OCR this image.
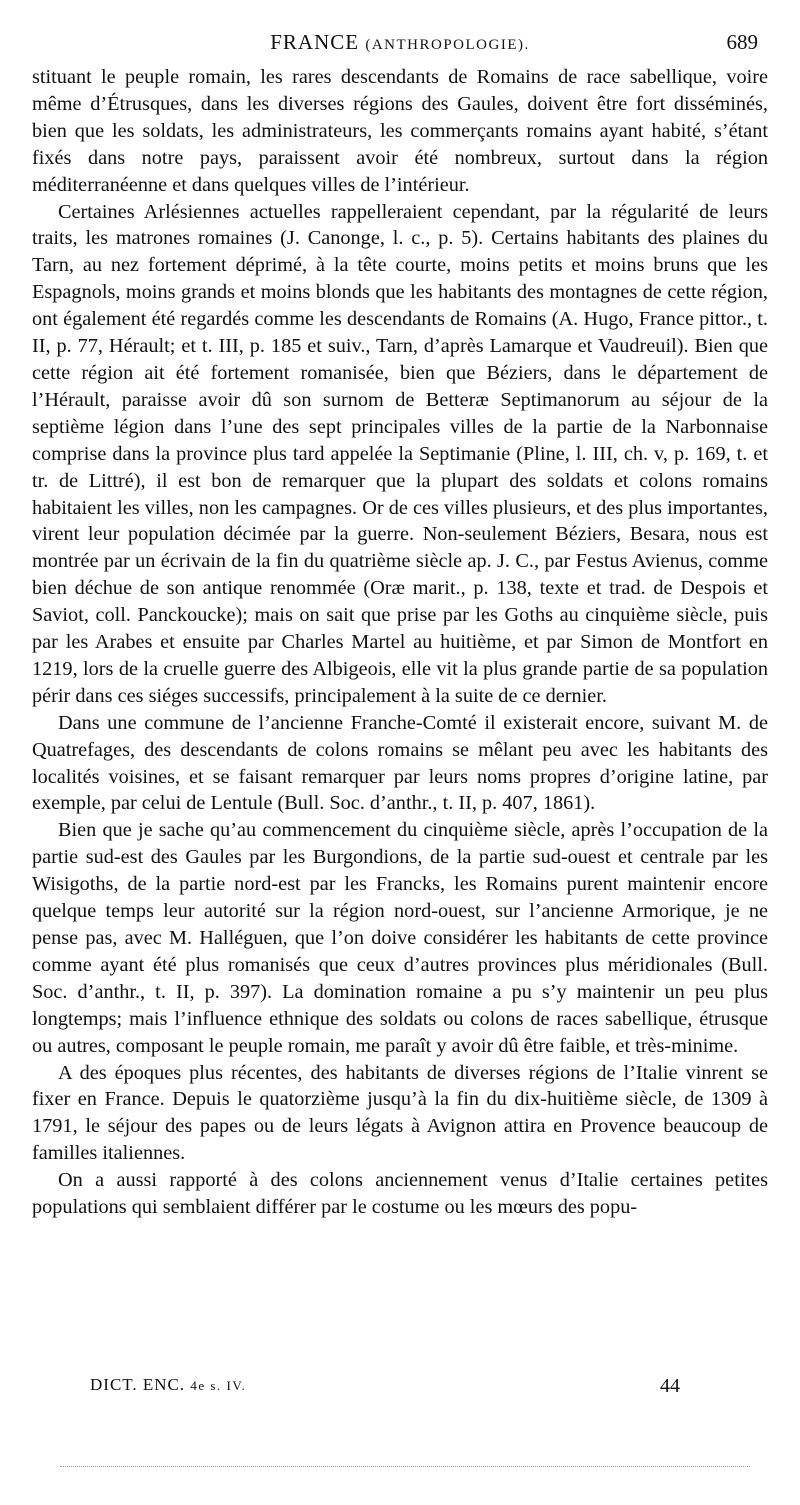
FRANCE (ANTHROPOLOGIE).	689

stituant le peuple romain, les rares descendants de Romains de race sabellique, voire même d’Étrusques, dans les diverses régions des Gaules, doivent être fort disséminés, bien que les soldats, les administrateurs, les commerçants romains ayant habité, s’étant fixés dans notre pays, paraissent avoir été nombreux, surtout dans la région méditerranéenne et dans quelques villes de l’intérieur.

Certaines Arlésiennes actuelles rappelleraient cependant, par la régularité de leurs traits, les matrones romaines (J. Canonge, l. c., p. 5). Certains habitants des plaines du Tarn, au nez fortement déprimé, à la tête courte, moins petits et moins bruns que les Espagnols, moins grands et moins blonds que les habitants des montagnes de cette région, ont également été regardés comme les descendants de Romains (A. Hugo, France pittor., t. II, p. 77, Hérault; et t. III, p. 185 et suiv., Tarn, d’après Lamarque et Vaudreuil). Bien que cette région ait été fortement romanisée, bien que Béziers, dans le département de l’Hérault, paraisse avoir dû son surnom de Betteræ Septimanorum au séjour de la septième légion dans l’une des sept principales villes de la partie de la Narbonnaise comprise dans la province plus tard appelée la Septimanie (Pline, l. III, ch. v, p. 169, t. et tr. de Littré), il est bon de remarquer que la plupart des soldats et colons romains habitaient les villes, non les campagnes. Or de ces villes plusieurs, et des plus importantes, virent leur population décimée par la guerre. Non-seulement Béziers, Besara, nous est montrée par un écrivain de la fin du quatrième siècle ap. J. C., par Festus Avienus, comme bien déchue de son antique renommée (Oræ marit., p. 138, texte et trad. de Despois et Saviot, coll. Panckoucke); mais on sait que prise par les Goths au cinquième siècle, puis par les Arabes et ensuite par Charles Martel au huitième, et par Simon de Montfort en 1219, lors de la cruelle guerre des Albigeois, elle vit la plus grande partie de sa population périr dans ces siéges successifs, principalement à la suite de ce dernier.

Dans une commune de l’ancienne Franche-Comté il existerait encore, suivant M. de Quatrefages, des descendants de colons romains se mêlant peu avec les habitants des localités voisines, et se faisant remarquer par leurs noms propres d’origine latine, par exemple, par celui de Lentule (Bull. Soc. d’anthr., t. II, p. 407, 1861).

Bien que je sache qu’au commencement du cinquième siècle, après l’occupation de la partie sud-est des Gaules par les Burgondions, de la partie sud-ouest et centrale par les Wisigoths, de la partie nord-est par les Francks, les Romains purent maintenir encore quelque temps leur autorité sur la région nord-ouest, sur l’ancienne Armorique, je ne pense pas, avec M. Halléguen, que l’on doive considérer les habitants de cette province comme ayant été plus romanisés que ceux d’autres provinces plus méridionales (Bull. Soc. d’anthr., t. II, p. 397). La domination romaine a pu s’y maintenir un peu plus longtemps; mais l’influence ethnique des soldats ou colons de races sabellique, étrusque ou autres, composant le peuple romain, me paraît y avoir dû être faible, et très-minime.

A des époques plus récentes, des habitants de diverses régions de l’Italie vinrent se fixer en France. Depuis le quatorzième jusqu’à la fin du dix-huitième siècle, de 1309 à 1791, le séjour des papes ou de leurs légats à Avignon attira en Provence beaucoup de familles italiennes.

On a aussi rapporté à des colons anciennement venus d’Italie certaines petites populations qui semblaient différer par le costume ou les mœurs des popu-

DICT. ENC. 4e s. IV.	44
